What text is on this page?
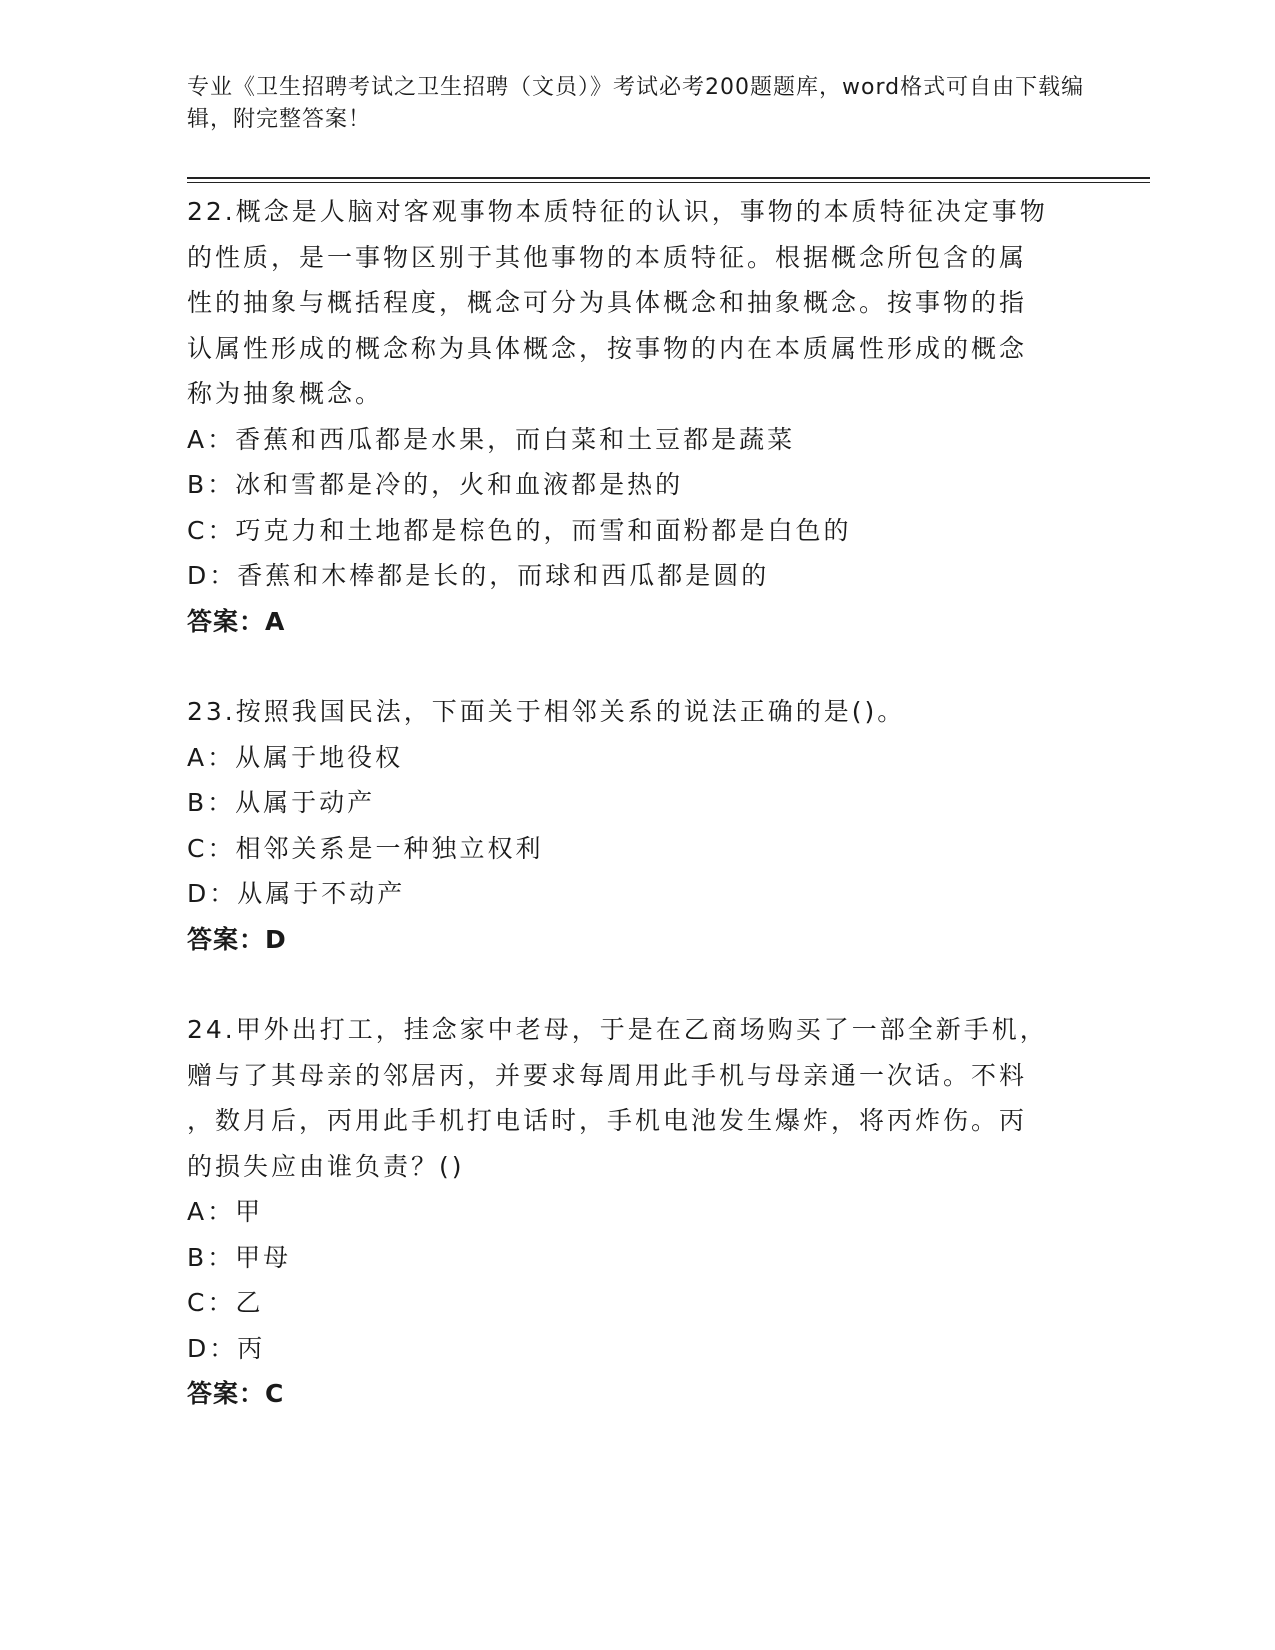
专业《卫生招聘考试之卫生招聘（文员）》考试必考200题题库，word格式可自由下载编辑，附完整答案！

22.概念是人脑对客观事物本质特征的认识，事物的本质特征决定事物

的性质，是一事物区别于其他事物的本质特征。根据概念所包含的属

性的抽象与概括程度，概念可分为具体概念和抽象概念。按事物的指

认属性形成的概念称为具体概念，按事物的内在本质属性形成的概念

称为抽象概念。

A：香蕉和西瓜都是水果，而白菜和土豆都是蔬菜

B：冰和雪都是冷的，火和血液都是热的

C：巧克力和土地都是棕色的，而雪和面粉都是白色的

D：香蕉和木棒都是长的，而球和西瓜都是圆的

答案：A

23.按照我国民法，下面关于相邻关系的说法正确的是()。

A：从属于地役权

B：从属于动产

C：相邻关系是一种独立权利

D：从属于不动产

答案：D

24.甲外出打工，挂念家中老母，于是在乙商场购买了一部全新手机，

赠与了其母亲的邻居丙，并要求每周用此手机与母亲通一次话。不料

，数月后，丙用此手机打电话时，手机电池发生爆炸，将丙炸伤。丙

的损失应由谁负责？()

A：甲

B：甲母

C：乙

D：丙

答案：C
